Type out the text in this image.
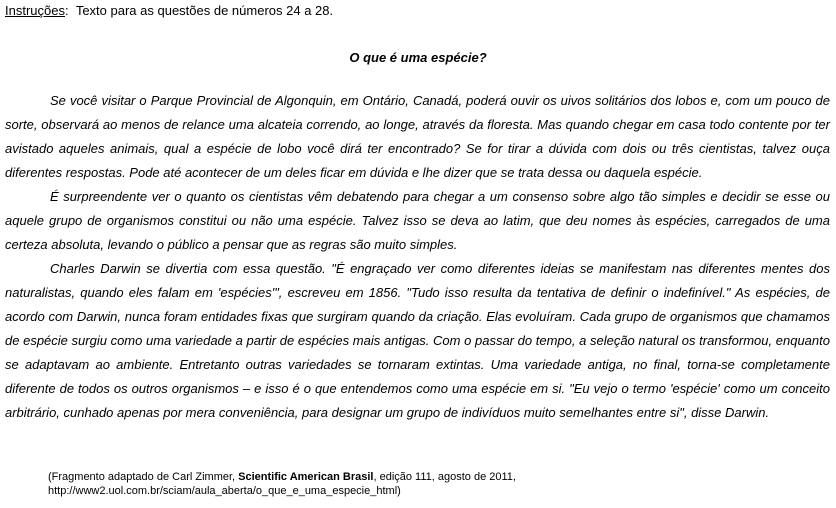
Instruções:  Texto para as questões de números 24 a 28.
O que é uma espécie?

Se você visitar o Parque Provincial de Algonquin, em Ontário, Canadá, poderá ouvir os uivos solitários dos lobos e, com um pouco de sorte, observará ao menos de relance uma alcateia correndo, ao longe, através da floresta. Mas quando chegar em casa todo contente por ter avistado aqueles animais, qual a espécie de lobo você dirá ter encontrado? Se for tirar a dúvida com dois ou três cientistas, talvez ouça diferentes respostas. Pode até acontecer de um deles ficar em dúvida e lhe dizer que se trata dessa ou daquela espécie.

É surpreendente ver o quanto os cientistas vêm debatendo para chegar a um consenso sobre algo tão simples e decidir se esse ou aquele grupo de organismos constitui ou não uma espécie. Talvez isso se deva ao latim, que deu nomes às espécies, carregados de uma certeza absoluta, levando o público a pensar que as regras são muito simples.

Charles Darwin se divertia com essa questão. "É engraçado ver como diferentes ideias se manifestam nas diferentes mentes dos naturalistas, quando eles falam em 'espécies'", escreveu em 1856. "Tudo isso resulta da tentativa de definir o indefinível." As espécies, de acordo com Darwin, nunca foram entidades fixas que surgiram quando da criação. Elas evoluíram. Cada grupo de organismos que chamamos de espécie surgiu como uma variedade a partir de espécies mais antigas. Com o passar do tempo, a seleção natural os transformou, enquanto se adaptavam ao ambiente. Entretanto outras variedades se tornaram extintas. Uma variedade antiga, no final, torna-se completamente diferente de todos os outros organismos – e isso é o que entendemos como uma espécie em si. "Eu vejo o termo 'espécie' como um conceito arbitrário, cunhado apenas por mera conveniência, para designar um grupo de indivíduos muito semelhantes entre si", disse Darwin.

(Fragmento adaptado de Carl Zimmer, Scientific American Brasil, edição 111, agosto de 2011, http://www2.uol.com.br/sciam/aula_aberta/o_que_e_uma_especie_html)
